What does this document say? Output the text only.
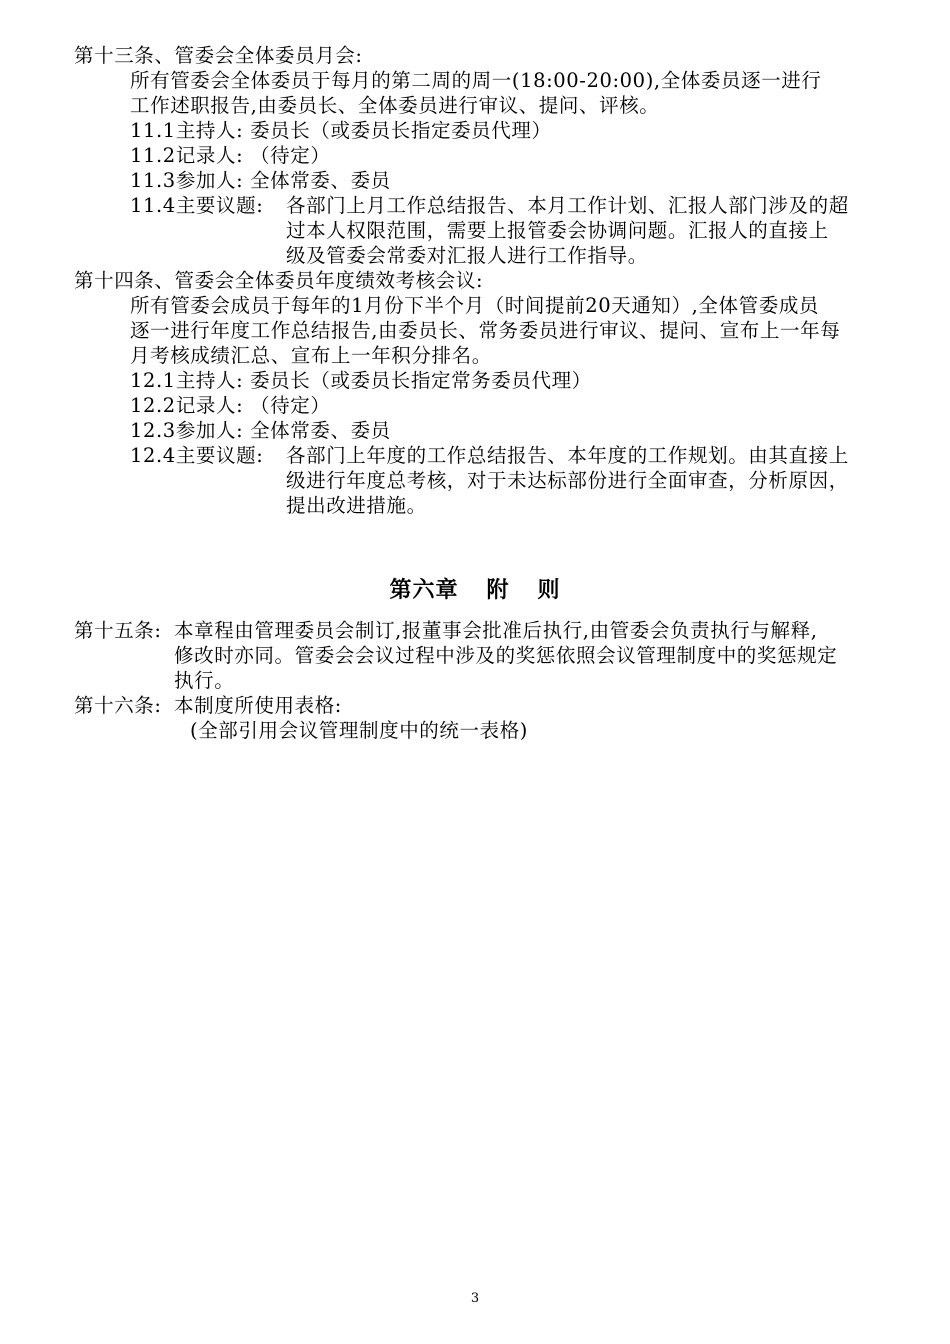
第十三条、管委会全体委员月会:
所有管委会全体委员于每月的第二周的周一(18:00-20:00),全体委员逐一进行
工作述职报告,由委员长、全体委员进行审议、提问、评核。
11.1主持人: 委员长（或委员长指定委员代理）
11.2记录人: （待定）
11.3参加人: 全体常委、委员
11.4主要议题: 各部门上月工作总结报告、本月工作计划、汇报人部门涉及的超
过本人权限范围，需要上报管委会协调问题。汇报人的直接上
级及管委会常委对汇报人进行工作指导。
第十四条、管委会全体委员年度绩效考核会议:
所有管委会成员于每年的1月份下半个月（时间提前20天通知）,全体管委成员
逐一进行年度工作总结报告,由委员长、常务委员进行审议、提问、宣布上一年每
月考核成绩汇总、宣布上一年积分排名。
12.1主持人: 委员长（或委员长指定常务委员代理）
12.2记录人: （待定）
12.3参加人: 全体常委、委员
12.4主要议题: 各部门上年度的工作总结报告、本年度的工作规划。由其直接上
级进行年度总考核，对于未达标部份进行全面审查，分析原因，
提出改进措施。
第六章 附 则
第十五条: 本章程由管理委员会制订,报董事会批准后执行,由管委会负责执行与解释,
修改时亦同。管委会会议过程中涉及的奖惩依照会议管理制度中的奖惩规定
执行。
第十六条: 本制度所使用表格:
(全部引用会议管理制度中的统一表格)
3
